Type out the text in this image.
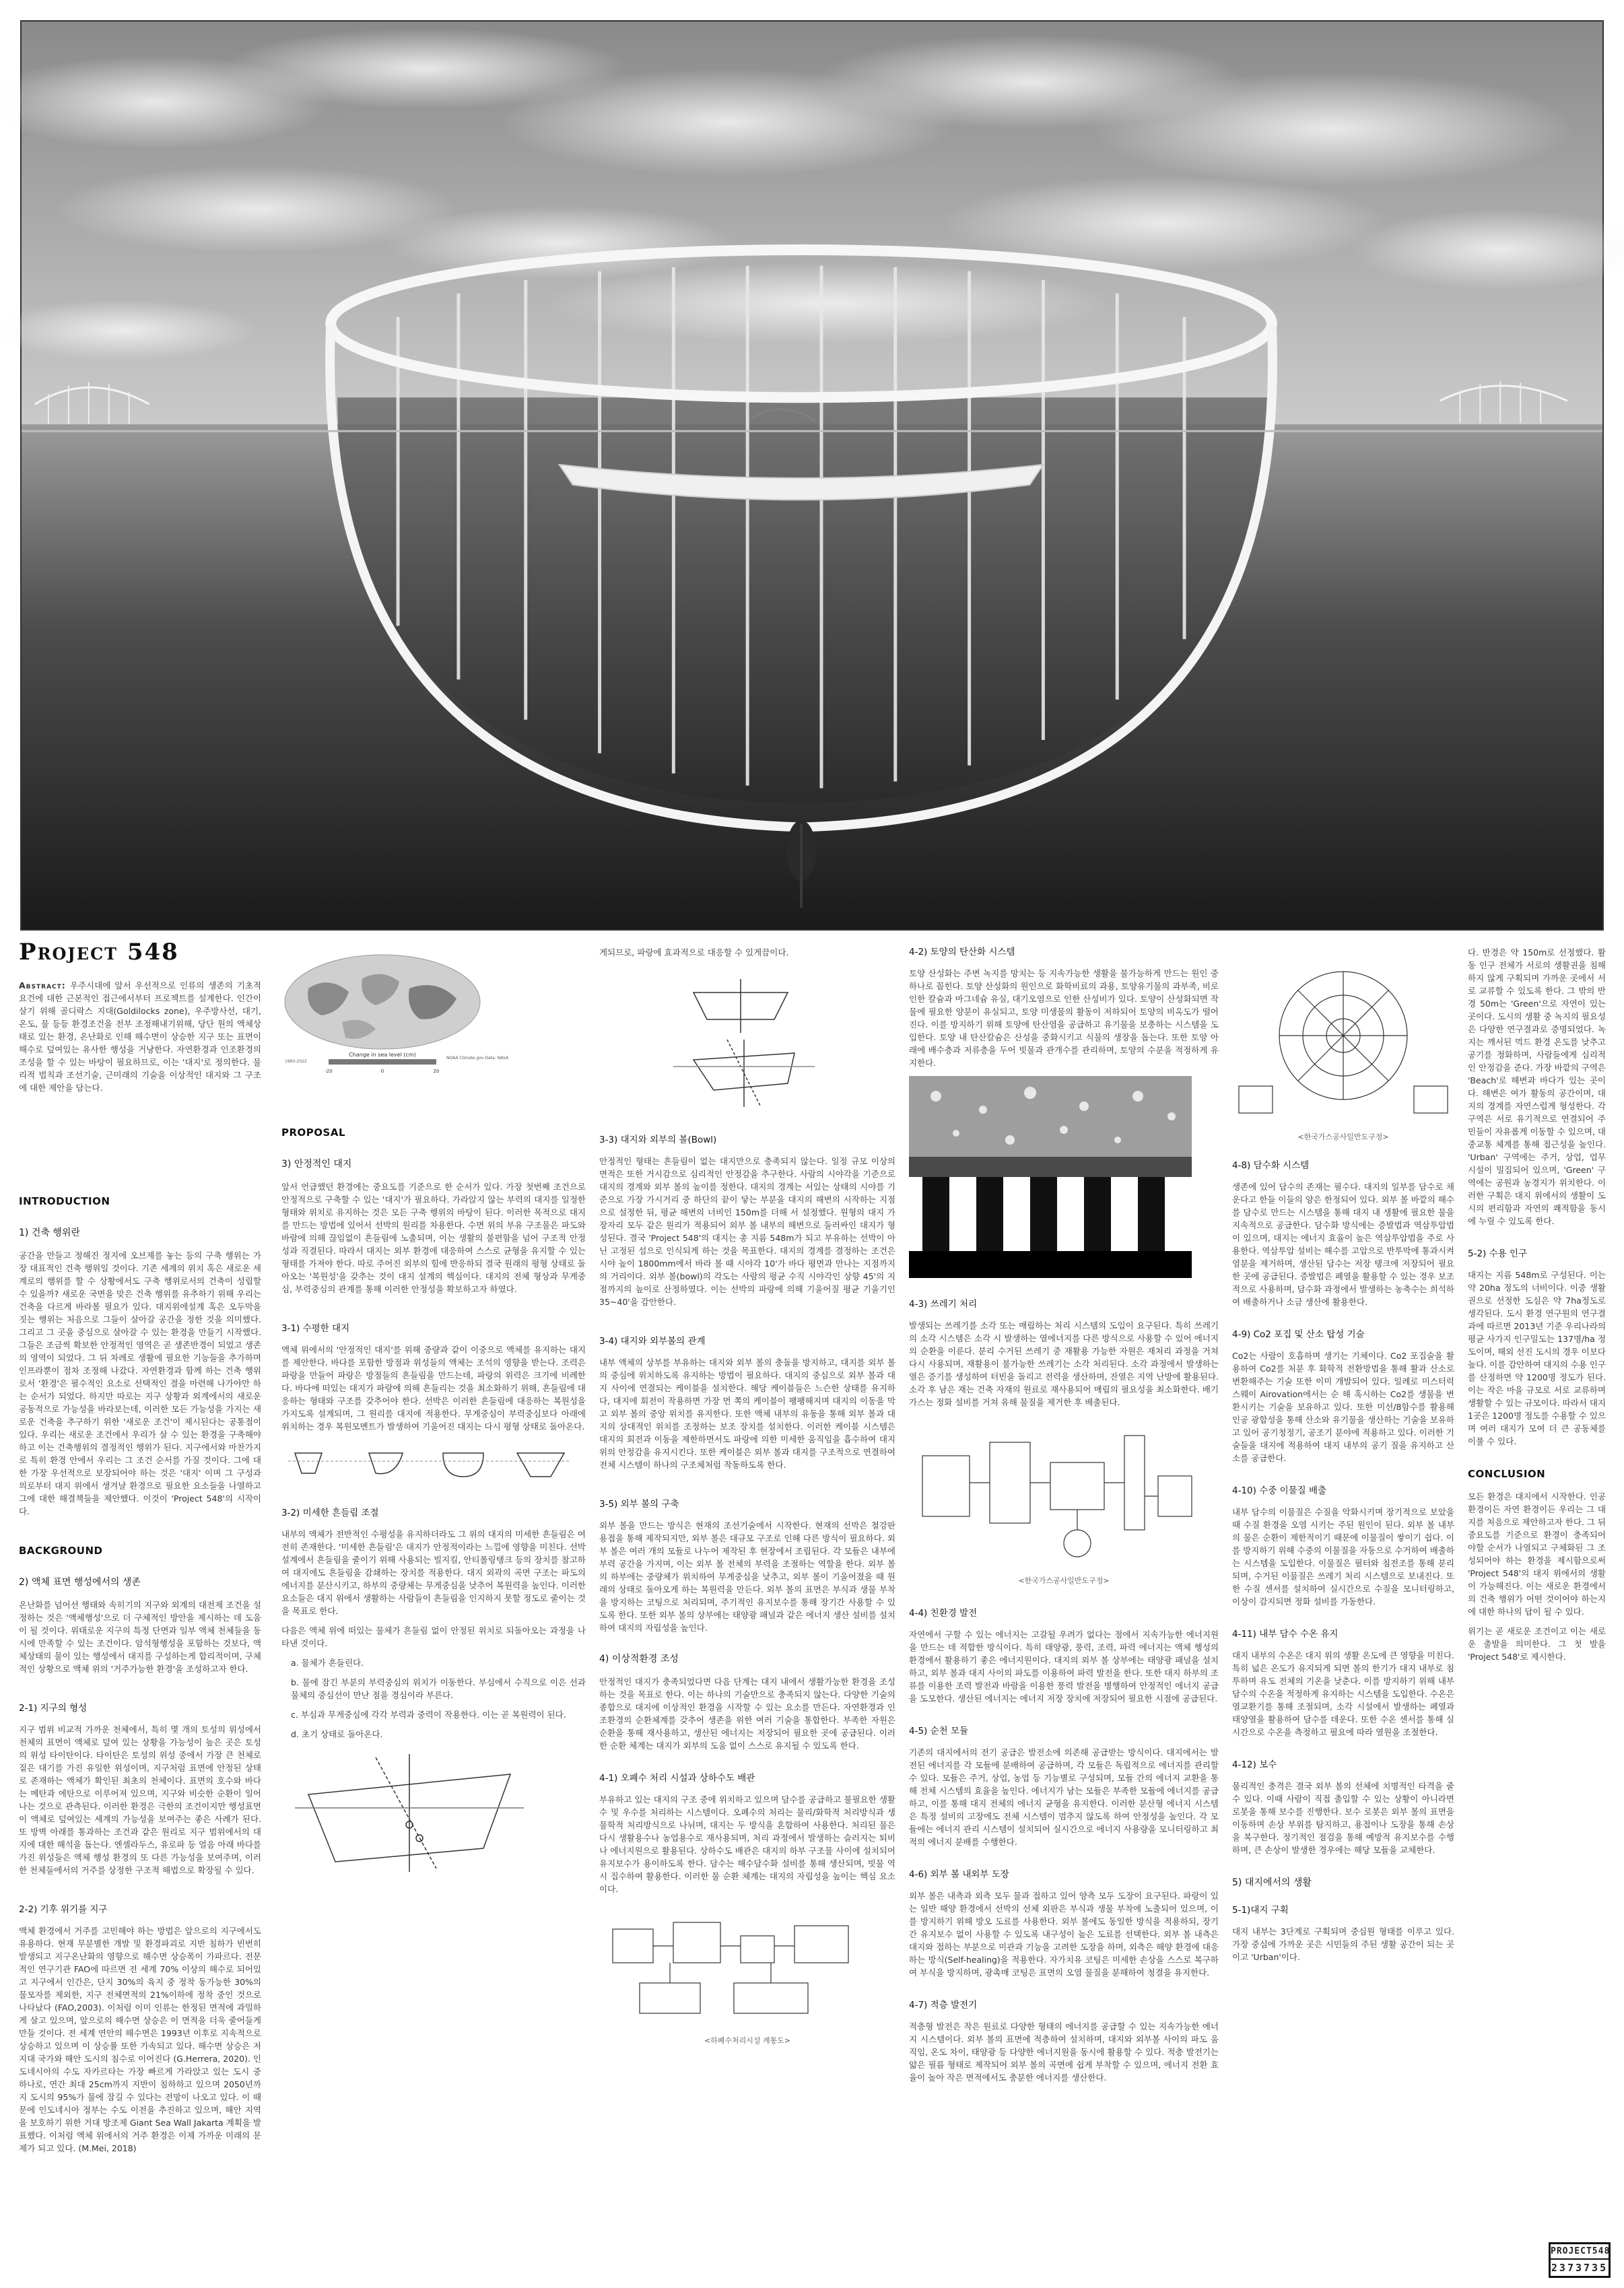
Project 548

Abstract: 우주시대에 앞서 우선적으로 인류의 생존의 기초적 요건에 대한 근본적인 접근에서부터 프로젝트를 설계한다. 인간이 살기 위해 골디락스 지대(Goldilocks zone), 우주방사선, 대기, 온도, 물 등등 환경조건을 전부 조정해내기위해, 당단 원의 액체상태로 있는 환경, 온난화로 인해 해수면이 상승한 지구 또는 표면이 해수로 덮여있는 유사한 행성을 거냥한다. 자연환경과 인조환경의 조성을 할 수 있는 바탕이 필요하므로, 이는 '대지'로 정의한다. 물리적 법칙과 조선기술, 근미래의 기술을 이상적인 대지와 그 구조에 대한 제안을 담는다.

INTRODUCTION
1) 건축 행위란

공간을 만들고 정해진 정지에 오브제를 놓는 등의 구축 행위는 가장 대표적인 건축 행위일 것이다. 기존 세계의 위치 혹은 새로운 세계로의 행위를 할 수 상황에서도 구축 행위로서의 건축이 성립할 수 있을까? 새로운 국면을 맞은 건축 행위를 유추하기 위해 우리는 건축을 다르게 바라볼 필요가 있다. 대지위에설계 혹은 오두막을 짓는 행위는 처음으로 그들이 살아갈 공간을 정한 것을 의미했다. 그리고 그 곳을 중심으로 살아갈 수 있는 환경을 만들기 시작했다. 그들은 조금씩 확보한 안정적인 영역은 곧 생존반경이 되었고 생존의 영역이 되었다. 그 뒤 차례로 생활에 필요한 기능들을 추가하며 인프라뿐이 점차 조정해 나갔다. 자연환경과 함께 하는 건축 행위로서 '환경'은 필수적인 요소로 선택적인 결을 마련해 나가야만 하는 순서가 되었다. 하지만 따로는 지구 상황과 외계에서의 새로운 공동적으로 가능성을 바라보는데, 이러한 모든 가능성을 가지는 새로운 건축을 추구하기 위한 '새로운 조건'이 제시된다는 공통점이 있다. 우리는 새로운 조건에서 우리가 살 수 있는 환경을 구축해야하고 이는 건축행위의 결정적인 행위가 된다. 지구에서와 마찬가지로 특히 환경 안에서 우리는 그 조건 순서를 가질 것이다. 그에 대한 가장 우선적으로 보장되어야 하는 것은 '대지' 이며 그 구성과 의로부터 대지 위에서 생겨날 환경으로 필요한 요소들을 나열하고 그에 대한 해결책들을 제안했다. 이것이 'Project 548'의 시작이다.

BACKGROUND
2) 액체 표면 행성에서의 생존

온난화를 넘어선 행태와 속히기의 지구와 외계의 대전제 조건을 설정하는 것은 '액체행성'으로 더 구체적인 방안을 제시하는 데 도움이 될 것이다. 위태로운 지구의 특정 단면과 일부 액체 천체들을 동시에 만족할 수 있는 조건이다. 암석형행성을 포함하는 것보다, 액체상태의 물이 있는 행성에서 대지를 구성하는게 합리적이며, 구체적인 상황으로 액체 위의 '거주가능한 환경'을 조성하고자 한다.

2-1) 지구의 형성

지구 범위 비교적 가까운 천체에서, 특히 몇 개의 토성의 위성에서 천체의 표면이 액체로 덮여 있는 상황을 가능성이 높은 곳은 토성의 위성 타이탄이다. 타이탄은 토성의 위성 중에서 가장 큰 천체로 짙은 대기를 가진 유일한 위성이며, 지구처럼 표면에 안정된 상태로 존재하는 액체가 확인된 최초의 천체이다. 표면의 호수와 바다는 메탄과 에탄으로 이루어져 있으며, 지구와 비슷한 순환이 일어나는 것으로 관측된다. 이러한 환경은 극한의 조건이지만 행성표면이 액체로 덮여있는 세계의 가능성을 보여주는 좋은 사례가 된다. 또 방벽 아래를 통과하는 조건과 같은 원리로 지구 범위에서의 대지에 대한 해석을 돕는다. 엔셀라두스, 유로파 등 얼음 아래 바다를 가진 위성들은 액체 행성 환경의 또 다른 가능성을 보여주며, 이러한 천체들에서의 거주를 상정한 구조적 해법으로 확장될 수 있다.

2-2) 기후 위기를 지구

액체 환경에서 거주를 고민해야 하는 방법은 앞으로의 지구에서도 유용하다. 현재 무분별한 개발 및 환경파괴로 지반 침하가 빈번히 발생되고 지구온난화의 영향으로 해수면 상승폭이 가파르다. 전문적인 연구기관 FAO에 따르면 전 세계 70% 이상의 해수로 되어있고 지구에서 인간은, 단지 30%의 육지 중 정착 동가능한 30%의 물모자를 제외한, 지구 전체면적의 21%이하에 정착 중인 것으로 나타났다 (FAO,2003). 이처럼 이미 인류는 한정된 면적에 과밀하게 살고 있으며, 앞으로의 해수면 상승은 이 면적을 더욱 줄어들게 만들 것이다. 전 세계 연안의 해수면은 1993년 이후로 지속적으로 상승하고 있으며 이 상승률 또한 가속되고 있다. 해수면 상승은 저지대 국가와 해안 도시의 침수로 이어진다 (G.Herrera, 2020). 인도네시아의 수도 자카르타는 가장 빠르게 가라앉고 있는 도시 중 하나로, 연간 최대 25cm까지 지반이 침하하고 있으며 2050년까지 도시의 95%가 물에 잠길 수 있다는 전망이 나오고 있다. 이 때문에 인도네시아 정부는 수도 이전을 추진하고 있으며, 해안 지역을 보호하기 위한 거대 방조제 Giant Sea Wall Jakarta 계획을 발표했다. 이처럼 액체 위에서의 거주 환경은 이제 가까운 미래의 문제가 되고 있다. (M.Mei, 2018)

Change in sea level (cm)
-20	0	20
1993-2022
NOAA Climate.gov Data: NASA
PROPOSAL
3) 안정적인 대지

앞서 언급했던 환경에는 중요도를 기준으로 한 순서가 있다. 가장 첫번째 조건으로 안정적으로 구축할 수 있는 '대지'가 필요하다. 가라앉지 않는 부력의 대지를 일정한 형태와 위치로 유지하는 것은 모든 구축 행위의 바탕이 된다. 이러한 목적으로 대지를 만드는 방법에 있어서 선박의 원리를 차용한다. 수면 위의 부유 구조물은 파도와 바람에 의해 끊임없이 흔들림에 노출되며, 이는 생활의 불편함을 넘어 구조적 안정성과 직결된다. 따라서 대지는 외부 환경에 대응하여 스스로 균형을 유지할 수 있는 형태를 가져야 한다. 따로 주어진 외부의 힘에 반응하되 결국 원래의 평형 상태로 돌아오는 '복원성'을 갖추는 것이 대지 설계의 핵심이다. 대지의 전체 형상과 무게중심, 부력중심의 관계를 통해 이러한 안정성을 확보하고자 하였다.

3-1) 수평한 대지

액체 위에서의 '안정적인 대지'를 위해 중량과 같이 이중으로 액체를 유지하는 대지를 제안한다. 바다를 포함한 방점과 위성들의 액체는 조석의 영향을 받는다. 조력은 파랑을 만들어 파랑은 방점들의 흔들림을 만드는데, 파랑의 위력은 크기에 비례한다. 바다에 떠있는 대지가 파랑에 의해 흔들리는 것을 최소화하기 위해, 흔들림에 대응하는 형태와 구조를 갖추어야 한다. 선박은 이러한 흔들림에 대응하는 복원성을 가지도록 설계되며, 그 원리를 대지에 적용한다. 무게중심이 부력중심보다 아래에 위치하는 경우 복원모멘트가 발생하여 기울어진 대지는 다시 평형 상태로 돌아온다.

3-2) 미세한 흔들림 조절

내부의 액체가 전반적인 수평성을 유지하더라도 그 위의 대지의 미세한 흔들림은 여전히 존재한다. '미세한 흔들림'은 대지가 안정적이라는 느낌에 영향을 미친다. 선박 설계에서 흔들림을 줄이기 위해 사용되는 빌지킬, 안티롤링탱크 등의 장치를 참고하여 대지에도 흔들림을 감쇄하는 장치를 적용한다. 대지 외곽의 곡면 구조는 파도의 에너지를 분산시키고, 하부의 중량체는 무게중심을 낮추어 복원력을 높인다. 이러한 요소들은 대지 위에서 생활하는 사람들이 흔들림을 인지하지 못할 정도로 줄이는 것을 목표로 한다.

다음은 액체 위에 떠있는 물체가 흔들림 없이 안정된 위치로 되돌아오는 과정을 나타낸 것이다.

a. 물체가 흔들린다.

b. 물에 잠긴 부분의 부력중심의 위치가 이동한다. 부심에서 수직으로 이은 선과 물체의 중심선이 만난 점을 경심이라 부른다.

c. 부심과 무게중심에 각각 부력과 중력이 작용한다. 이는 곧 복원력이 된다.

d. 초기 상태로 돌아온다.

게되므로, 파랑에 효과적으로 대응할 수 있게끔이다.

3-3) 대지와 외부의 볼(Bowl)

안정적인 형태는 흔들림이 없는 대지만으로 충족되지 않는다. 일정 규모 이상의 면적은 또한 거시감으로 심리적인 안정감을 추구한다. 사람의 시야각을 기준으로 대지의 경계와 외부 볼의 높이를 정한다. 대지의 경계는 서있는 상태의 시야를 기준으로 가장 가시거리 중 하단의 끝이 닿는 부분을 대지의 해변의 시작하는 지점으로 설정한 뒤, 평균 해변의 너비인 150m를 더해 서 설정했다. 원형의 대지 가장자리 모두 같은 원리가 적용되어 외부 볼 내부의 해변으로 둘러싸인 대지가 형성된다. 결국 'Project 548'의 대지는 총 지름 548m가 되고 부유하는 선박이 아닌 고정된 섬으로 인식되게 하는 것을 목표한다. 대지의 경계를 결정하는 조건은 시야 높이 1800mm에서 바라 볼 때 시야각 10'가 바다 평면과 만나는 지점까지의 거리이다. 외부 볼(bowl)의 각도는 사람의 평균 수직 시야각인 상향 45'의 지점까지의 높이로 산정하였다. 이는 선박의 파랑에 의해 기울어질 평균 기울기인 35~40'을 감안한다.

3-4) 대지와 외부볼의 관계

내부 액체의 상부를 부유하는 대지와 외부 볼의 충돌을 방지하고, 대지를 외부 볼의 중심에 위치하도록 유지하는 방법이 필요하다. 대지의 중심으로 외부 볼과 대지 사이에 연결되는 케이블을 설치한다. 해당 케이블들은 느슨한 상태를 유지하다, 대지에 회전이 작용하면 가장 먼 쪽의 케이블이 팽팽해지며 대지의 이동을 막고 외부 볼의 중앙 위치를 유지한다. 또한 액체 내부의 유동을 통해 외부 볼과 대지의 상대적인 위치를 조정하는 보조 장치를 설치한다. 이러한 케이블 시스템은 대지의 회전과 이동을 제한하면서도 파랑에 의한 미세한 움직임을 흡수하여 대지 위의 안정감을 유지시킨다. 또한 케이블은 외부 볼과 대지를 구조적으로 연결하여 전체 시스템이 하나의 구조체처럼 작동하도록 한다.

3-5) 외부 볼의 구축

외부 볼을 만드는 방식은 현재의 조선기술에서 시작한다. 현재의 선박은 철강판 용접을 통해 제작되지만, 외부 볼은 대규모 구조로 인해 다른 방식이 필요하다. 외부 볼은 여러 개의 모듈로 나누어 제작된 후 현장에서 조립된다. 각 모듈은 내부에 부력 공간을 가지며, 이는 외부 볼 전체의 부력을 조절하는 역할을 한다. 외부 볼의 하부에는 중량체가 위치하여 무게중심을 낮추고, 외부 볼이 기울어졌을 때 원래의 상태로 돌아오게 하는 복원력을 만든다. 외부 볼의 표면은 부식과 생물 부착을 방지하는 코팅으로 처리되며, 주기적인 유지보수를 통해 장기간 사용할 수 있도록 한다. 또한 외부 볼의 상부에는 태양광 패널과 같은 에너지 생산 설비를 설치하여 대지의 자립성을 높인다.

4) 이상적환경 조성

안정적인 대지가 충족되었다면 다음 단계는 대지 내에서 생활가능한 환경을 조성하는 것을 목표로 한다. 이는 하나의 기술만으로 충족되지 않는다. 다양한 기술의 종합으로 대지에 이상적인 환경을 시작할 수 있는 요소를 만든다. 자연환경과 인조환경의 순환체계를 갖추어 생존을 위한 여러 기술을 통합한다. 부족한 자원은 순환을 통해 재사용하고, 생산된 에너지는 저장되어 필요한 곳에 공급된다. 이러한 순환 체계는 대지가 외부의 도움 없이 스스로 유지될 수 있도록 한다.

4-1) 오폐수 처리 시설과 상하수도 배관

부유하고 있는 대지의 구조 중에 위치하고 있으며 담수를 공급하고 불필요한 생활수 및 우수를 처리하는 시스템이다. 오폐수의 처리는 물리/화학적 처리방식과 생물학적 처리방식으로 나뉘며, 대지는 두 방식을 혼합하여 사용한다. 처리된 물은 다시 생활용수나 농업용수로 재사용되며, 처리 과정에서 발생하는 슬러지는 퇴비나 에너지원으로 활용된다. 상하수도 배관은 대지의 하부 구조물 사이에 설치되어 유지보수가 용이하도록 한다. 담수는 해수담수화 설비를 통해 생산되며, 빗물 역시 집수하여 활용한다. 이러한 물 순환 체계는 대지의 자립성을 높이는 핵심 요소이다.

<하폐수처리시설 계통도>
4-2) 토양의 탄산화 시스템

토양 산성화는 주변 녹지를 망치는 등 지속가능한 생활을 불가능하게 만드는 원인 중 하나로 꼽힌다. 토양 산성화의 원인으로 화학비료의 과용, 토양유기물의 과부족, 비로 인한 칼슘과 마그네슘 유실, 대기오염으로 인한 산성비가 있다. 토양이 산성화되면 작물에 필요한 양분이 유실되고, 토양 미생물의 활동이 저하되어 토양의 비옥도가 떨어진다. 이를 방지하기 위해 토양에 탄산염을 공급하고 유기물을 보충하는 시스템을 도입한다. 토양 내 탄산칼슘은 산성을 중화시키고 식물의 생장을 돕는다. 또한 토양 아래에 배수층과 저류층을 두어 빗물과 관개수를 관리하며, 토양의 수분을 적정하게 유지한다.

4-3) 쓰레기 처리

발생되는 쓰레기를 소각 또는 매립하는 처리 시스템의 도입이 요구된다. 특히 쓰레기의 소각 시스템은 소각 시 발생하는 열에너지를 다른 방식으로 사용할 수 있어 에너지의 순환을 이룬다. 분리 수거된 쓰레기 중 재활용 가능한 자원은 재처리 과정을 거쳐 다시 사용되며, 재활용이 불가능한 쓰레기는 소각 처리된다. 소각 과정에서 발생하는 열은 증기를 생성하여 터빈을 돌리고 전력을 생산하며, 잔열은 지역 난방에 활용된다. 소각 후 남은 재는 건축 자재의 원료로 재사용되어 매립의 필요성을 최소화한다. 배기가스는 정화 설비를 거쳐 유해 물질을 제거한 후 배출된다.

<한국가스공사일반도구정>
4-4) 친환경 발전

자연에서 구할 수 있는 에너지는 고갈될 우려가 없다는 점에서 지속가능한 에너지원을 만드는 데 적합한 방식이다. 특히 태양광, 풍력, 조력, 파력 에너지는 액체 행성의 환경에서 활용하기 좋은 에너지원이다. 대지의 외부 볼 상부에는 태양광 패널을 설치하고, 외부 볼과 대지 사이의 파도를 이용하여 파력 발전을 한다. 또한 대지 하부의 조류를 이용한 조력 발전과 바람을 이용한 풍력 발전을 병행하여 안정적인 에너지 공급을 도모한다. 생산된 에너지는 에너지 저장 장치에 저장되어 필요한 시점에 공급된다.

4-5) 순천 모듈

기존의 대지에서의 전기 공급은 발전소에 의존해 공급받는 방식이다. 대지에서는 발전된 에너지를 각 모듈에 분배하여 공급하며, 각 모듈은 독립적으로 에너지를 관리할 수 있다. 모듈은 주거, 상업, 농업 등 기능별로 구성되며, 모듈 간의 에너지 교환을 통해 전체 시스템의 효율을 높인다. 에너지가 남는 모듈은 부족한 모듈에 에너지를 공급하고, 이를 통해 대지 전체의 에너지 균형을 유지한다. 이러한 분산형 에너지 시스템은 특정 설비의 고장에도 전체 시스템이 멈추지 않도록 하여 안정성을 높인다. 각 모듈에는 에너지 관리 시스템이 설치되어 실시간으로 에너지 사용량을 모니터링하고 최적의 에너지 분배를 수행한다.

4-6) 외부 볼 내외부 도장

외부 볼은 내측과 외측 모두 물과 접하고 있어 양측 모두 도장이 요구된다. 파랑이 있는 일반 해양 환경에서 선박의 선체 외판은 부식과 생물 부착에 노출되어 있으며, 이를 방지하기 위해 방오 도료를 사용한다. 외부 볼에도 동일한 방식을 적용하되, 장기간 유지보수 없이 사용할 수 있도록 내구성이 높은 도료를 선택한다. 외부 볼 내측은 대지와 접하는 부분으로 미관과 기능을 고려한 도장을 하며, 외측은 해양 환경에 대응하는 방식(Self-healing)을 적용한다. 자가치유 코팅은 미세한 손상을 스스로 복구하여 부식을 방지하며, 광촉매 코팅은 표면의 오염 물질을 분해하여 청결을 유지한다.

4-7) 적층 발전기

적층형 발전은 작은 원료로 다양한 형태의 에너지를 공급할 수 있는 지속가능한 에너지 시스템이다. 외부 볼의 표면에 적층하여 설치하며, 대지와 외부볼 사이의 파도 움직임, 온도 차이, 태양광 등 다양한 에너지원을 동시에 활용할 수 있다. 적층 발전기는 얇은 필름 형태로 제작되어 외부 볼의 곡면에 쉽게 부착할 수 있으며, 에너지 전환 효율이 높아 작은 면적에서도 충분한 에너지를 생산한다.

<한국가스공사일반도구정>
4-8) 담수화 시스템

생존에 있어 담수의 존재는 필수다. 대지의 일부를 담수로 채운다고 한들 이들의 양은 한정되어 있다. 외부 볼 바깥의 해수를 담수로 만드는 시스템을 통해 대지 내 생활에 필요한 물을 지속적으로 공급한다. 담수화 방식에는 증발법과 역삼투압법이 있으며, 대지는 에너지 효율이 높은 역삼투압법을 주로 사용한다. 역삼투압 설비는 해수를 고압으로 반투막에 통과시켜 염분을 제거하며, 생산된 담수는 저장 탱크에 저장되어 필요한 곳에 공급된다. 증발법은 폐열을 활용할 수 있는 경우 보조적으로 사용하며, 담수화 과정에서 발생하는 농축수는 희석하여 배출하거나 소금 생산에 활용한다.

4-9) Co2 포집 및 산소 탑성 기술

Co2는 사람이 호흡하며 생기는 기체이다. Co2 포집술을 활용하여 Co2를 처분 후 화학적 전환방법을 통해 활과 산소로 변환해주는 기술 또한 이미 개발되어 있다. 일례로 미스터럭 스웨이 Airovation에서는 순 해 혹시하는 Co2를 생물을 변환시키는 기술을 보유하고 있다. 또한 미선/8함수를 활용해 인공 광합성을 통해 산소와 유기물을 생산하는 기술을 보유하고 있어 공기청정기, 공조기 분야에 적용하고 있다. 이러한 기술들을 대지에 적용하여 대지 내부의 공기 질을 유지하고 산소를 공급한다.

4-10) 수중 이물질 배출

내부 담수의 이물질은 수질을 악화시키며 장기적으로 보았을 때 수질 환경을 오염 시키는 주된 원인이 된다. 외부 볼 내부의 물은 순환이 제한적이기 때문에 이물질이 쌓이기 쉽다. 이를 방지하기 위해 수중의 이물질을 자동으로 수거하여 배출하는 시스템을 도입한다. 이물질은 필터와 침전조를 통해 분리되며, 수거된 이물질은 쓰레기 처리 시스템으로 보내진다. 또한 수질 센서를 설치하여 실시간으로 수질을 모니터링하고, 이상이 감지되면 정화 설비를 가동한다.

4-11) 내부 담수 수온 유지

대지 내부의 수온은 대지 위의 생활 온도에 큰 영향을 미친다. 특히 넓은 온도가 유지되게 되면 볼의 한기가 대지 내부로 침투하며 유도 전체의 기온을 낮춘다. 이를 방지하기 위해 내부 담수의 수온을 적정하게 유지하는 시스템을 도입한다. 수온은 열교환기를 통해 조절되며, 소각 시설에서 발생하는 폐열과 태양열을 활용하여 담수를 데운다. 또한 수온 센서를 통해 실시간으로 수온을 측정하고 필요에 따라 열원을 조절한다.

4-12) 보수

물리적인 충격은 결국 외부 볼의 선체에 치명적인 타격을 줄 수 있다. 이때 사람이 직접 출입할 수 있는 상황이 아니라면 로봇을 통해 보수를 진행한다. 보수 로봇은 외부 볼의 표면을 이동하며 손상 부위를 탐지하고, 용접이나 도장을 통해 손상을 복구한다. 정기적인 점검을 통해 예방적 유지보수를 수행하며, 큰 손상이 발생한 경우에는 해당 모듈을 교체한다.

5) 대지에서의 생활
5-1)대지 구획

대지 내부는 3단계로 구획되며 중심원 형태를 이루고 있다. 가장 중심에 가까운 곳은 시민들의 주된 생활 공간이 되는 곳이고 'Urban'이다.

다. 반경은 약 150m로 선정했다. 활동 인구 전체가 서로의 생활권을 침해하지 않게 구획되며 가까운 곳에서 서로 교류할 수 있도록 한다. 그 밖의 반경 50m는 'Green'으로 자연이 있는 곳이다. 도시의 생활 중 녹지의 필요성은 다양한 연구결과로 증명되었다. 녹지는 깨서된 먹드 환경 온도를 낮추고 공기를 정화하며, 사람들에게 심리적인 안정감을 준다. 가장 바깥의 구역은 'Beach'로 해변과 바다가 있는 곳이다. 해변은 여가 활동의 공간이며, 대지의 경계를 자연스럽게 형성한다. 각 구역은 서로 유기적으로 연결되어 주민들이 자유롭게 이동할 수 있으며, 대중교통 체계를 통해 접근성을 높인다. 'Urban' 구역에는 주거, 상업, 업무 시설이 밀집되어 있으며, 'Green' 구역에는 공원과 농경지가 위치한다. 이러한 구획은 대지 위에서의 생활이 도시의 편리함과 자연의 쾌적함을 동시에 누릴 수 있도록 한다.

5-2) 수용 인구

대지는 지름 548m로 구성된다. 이는 약 20ha 정도의 너비이다. 이중 생활권으로 선정한 도심은 약 7ha정도로 생각된다. 도시 환경 연구원의 연구결과에 따르면 2013년 기준 우리나라의 평균 사가지 인구밀도는 137명/ha 정도이며, 해외 선진 도시의 경우 이보다 높다. 이를 감안하여 대지의 수용 인구를 산정하면 약 1200명 정도가 된다. 이는 작은 마을 규모로 서로 교류하며 생활할 수 있는 규모이다. 따라서 대지 1곳은 1200명 정도를 수용할 수 있으며 여러 대지가 모여 더 큰 공동체를 이룰 수 있다.

CONCLUSION

모든 환경은 대지에서 시작한다. 인공 환경이든 자연 환경이든 우리는 그 대지를 처음으로 제안하고자 한다. 그 뒤 중요도를 기준으로 환경이 충족되어야할 순서가 나열되고 구체화된 그 조성되어야 하는 환경을 제시함으로써 'Project 548'의 대지 위에서의 생활이 가능해진다. 이는 새로운 환경에서의 건축 행위가 어떤 것이어야 하는지에 대한 하나의 답이 될 수 있다.

위기는 곧 새로운 조건이고 이는 새로운 출발을 의미한다. 그 첫 발을 'Project 548'로 제시한다.

PROJECT548
2373735
